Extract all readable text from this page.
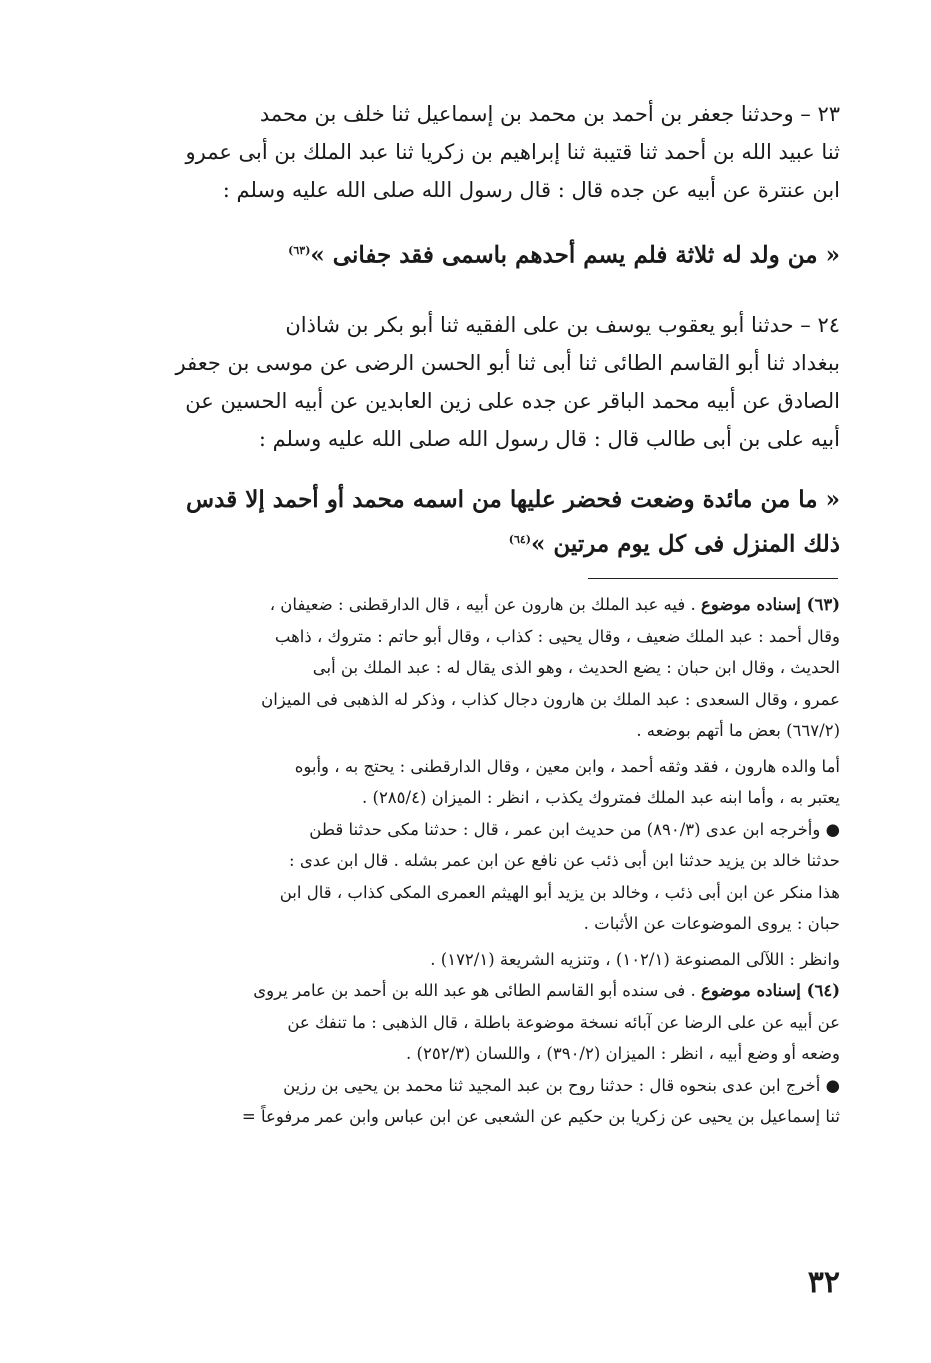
٢٣ – وحدثنا جعفر بن أحمد بن محمد بن إسماعيل ثنا خلف بن محمد

ثنا عبيد الله بن أحمد ثنا قتيبة ثنا إبراهيم بن زكريا ثنا عبد الملك بن أبى عمرو

ابن عنترة عن أبيه عن جده قال : قال رسول الله صلى الله عليه وسلم :

« من ولد له ثلاثة فلم يسم أحدهم باسمى فقد جفانى »$^{(٦٣)}$

٢٤ – حدثنا أبو يعقوب يوسف بن على الفقيه ثنا أبو بكر بن شاذان

ببغداد ثنا أبو القاسم الطائى ثنا أبى ثنا أبو الحسن الرضى عن موسى بن جعفر

الصادق عن أبيه محمد الباقر عن جده على زين العابدين عن أبيه الحسين عن

أبيه على بن أبى طالب قال : قال رسول الله صلى الله عليه وسلم :

« ما من مائدة وضعت فحضر عليها من اسمه محمد أو أحمد إلا قدس
ذلك المنزل فى كل يوم مرتين »$^{(٦٤)}$
(٦٣) إسناده موضوع . فيه عبد الملك بن هارون عن أبيه ، قال الدارقطنى : ضعيفان ،
وقال أحمد : عبد الملك ضعيف ، وقال يحيى : كذاب ، وقال أبو حاتم : متروك ، ذاهب
الحديث ، وقال ابن حبان : يضع الحديث ، وهو الذى يقال له : عبد الملك بن أبى
عمرو ، وقال السعدى : عبد الملك بن هارون دجال كذاب ، وذكر له الذهبى فى الميزان
(٦٦٧/٢) بعض ما أتهم بوضعه .
أما والده هارون ، فقد وثقه أحمد ، وابن معين ، وقال الدارقطنى : يحتج به ، وأبوه
يعتبر به ، وأما ابنه عبد الملك فمتروك يكذب ، انظر : الميزان (٢٨٥/٤) .
● وأخرجه ابن عدى (٨٩٠/٣) من حديث ابن عمر ، قال : حدثنا مكى حدثنا قطن
حدثنا خالد بن يزيد حدثنا ابن أبى ذئب عن نافع عن ابن عمر بشله . قال ابن عدى :
هذا منكر عن ابن أبى ذئب ، وخالد بن يزيد أبو الهيثم العمرى المكى كذاب ، قال ابن
حبان : يروى الموضوعات عن الأثبات .
وانظر : اللآلى المصنوعة (١٠٢/١) ، وتنزيه الشريعة (١٧٢/١) .
(٦٤) إسناده موضوع . فى سنده أبو القاسم الطائى هو عبد الله بن أحمد بن عامر يروى
عن أبيه عن على الرضا عن آبائه نسخة موضوعة باطلة ، قال الذهبى : ما تنفك عن
وضعه أو وضع أبيه ، انظر : الميزان (٣٩٠/٢) ، واللسان (٢٥٢/٣) .
● أخرج ابن عدى بنحوه قال : حدثنا روح بن عبد المجيد ثنا محمد بن يحيى بن رزين
ثنا إسماعيل بن يحيى عن زكريا بن حكيم عن الشعبى عن ابن عباس وابن عمر مرفوعاً =
٣٢
